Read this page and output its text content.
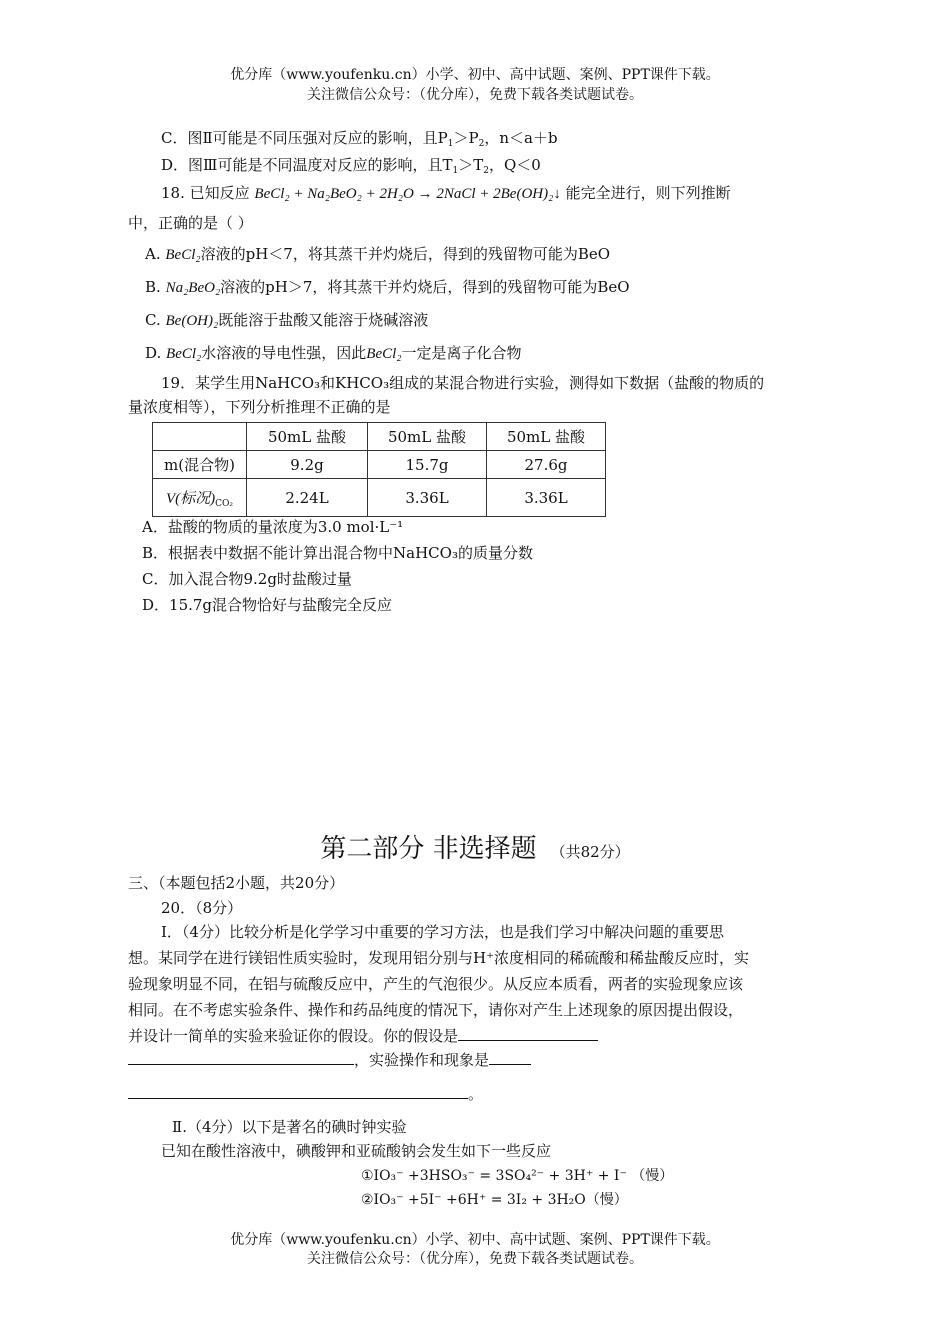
优分库（www.youfenku.cn）小学、初中、高中试题、案例、PPT课件下载。
关注微信公众号：（优分库），免费下载各类试题试卷。
C．图Ⅱ可能是不同压强对反应的影响，且$P_1>P_2$，n＜a＋b
D．图Ⅲ可能是不同温度对反应的影响，且$T_1>T_2$，Q＜0
18. 已知反应 BeCl₂ + Na₂BeO₂ + 2H₂O → 2NaCl + 2Be(OH)₂↓ 能完全进行，则下列推断
中，正确的是（ ）
A. BeCl₂溶液的pH＜7，将其蒸干并灼烧后，得到的残留物可能为BeO
B. Na₂BeO₂溶液的pH＞7，将其蒸干并灼烧后，得到的残留物可能为BeO
C. Be(OH)₂既能溶于盐酸又能溶于烧碱溶液
D. BeCl₂水溶液的导电性强，因此BeCl₂一定是离子化合物
19．某学生用NaHCO₃和KHCO₃组成的某混合物进行实验，测得如下数据（盐酸的物质的
量浓度相等），下列分析推理不正确的是
	50mL 盐酸	50mL 盐酸	50mL 盐酸
m(混合物)	9.2g	15.7g	27.6g
V(标况)$_{CO_2}$	2.24L	3.36L	3.36L
A．盐酸的物质的量浓度为3.0 mol·L⁻¹
B．根据表中数据不能计算出混合物中NaHCO₃的质量分数
C．加入混合物9.2g时盐酸过量
D．15.7g混合物恰好与盐酸完全反应
第二部分 非选择题 （共82分）
三、（本题包括2小题，共20分）
20．（8分）
Ⅰ．（4分）比较分析是化学学习中重要的学习方法，也是我们学习中解决问题的重要思
想。某同学在进行镁铝性质实验时，发现用铝分别与H⁺浓度相同的稀硫酸和稀盐酸反应时，实
验现象明显不同，在铝与硫酸反应中，产生的气泡很少。从反应本质看，两者的实验现象应该
相同。在不考虑实验条件、操作和药品纯度的情况下，请你对产生上述现象的原因提出假设，
并设计一简单的实验来验证你的假设。你的假设是
，实验操作和现象是
。
Ⅱ.（4分）以下是著名的碘时钟实验
已知在酸性溶液中，碘酸钾和亚硫酸钠会发生如下一些反应
①IO₃⁻ +3HSO₃⁻ = 3SO₄²⁻ + 3H⁺ + I⁻ （慢）
②IO₃⁻ +5I⁻ +6H⁺ = 3I₂ + 3H₂O（慢）
优分库（www.youfenku.cn）小学、初中、高中试题、案例、PPT课件下载。
关注微信公众号：（优分库），免费下载各类试题试卷。
